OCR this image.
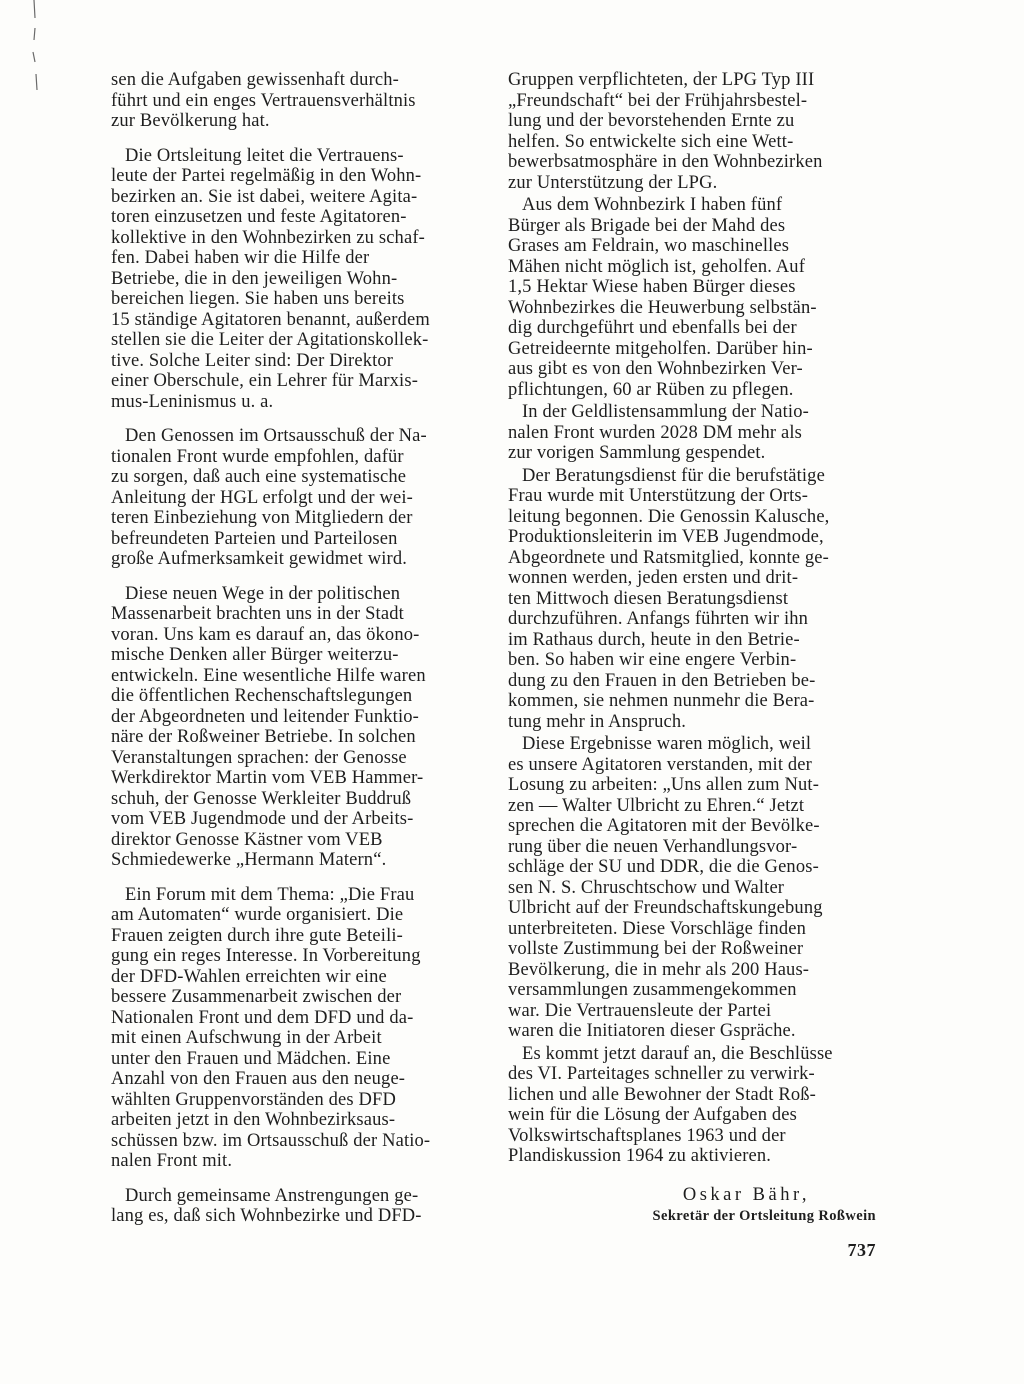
sen die Aufgaben gewissenhaft durch-
führt und ein enges Vertrauensverhältnis
zur Bevölkerung hat.

Die Ortsleitung leitet die Vertrauens-
leute der Partei regelmäßig in den Wohn-
bezirken an. Sie ist dabei, weitere Agita-
toren einzusetzen und feste Agitatoren-
kollektive in den Wohnbezirken zu schaf-
fen. Dabei haben wir die Hilfe der
Betriebe, die in den jeweiligen Wohn-
bereichen liegen. Sie haben uns bereits
15 ständige Agitatoren benannt, außerdem
stellen sie die Leiter der Agitationskollek-
tive. Solche Leiter sind: Der Direktor
einer Oberschule, ein Lehrer für Marxis-
mus-Leninismus u. a.

Den Genossen im Ortsausschuß der Na-
tionalen Front wurde empfohlen, dafür
zu sorgen, daß auch eine systematische
Anleitung der HGL erfolgt und der wei-
teren Einbeziehung von Mitgliedern der
befreundeten Parteien und Parteilosen
große Aufmerksamkeit gewidmet wird.

Diese neuen Wege in der politischen
Massenarbeit brachten uns in der Stadt
voran. Uns kam es darauf an, das ökono-
mische Denken aller Bürger weiterzu-
entwickeln. Eine wesentliche Hilfe waren
die öffentlichen Rechenschaftslegungen
der Abgeordneten und leitender Funktio-
näre der Roßweiner Betriebe. In solchen
Veranstaltungen sprachen: der Genosse
Werkdirektor Martin vom VEB Hammer-
schuh, der Genosse Werkleiter Buddruß
vom VEB Jugendmode und der Arbeits-
direktor Genosse Kästner vom VEB
Schmiedewerke „Hermann Matern“.

Ein Forum mit dem Thema: „Die Frau
am Automaten“ wurde organisiert. Die
Frauen zeigten durch ihre gute Beteili-
gung ein reges Interesse. In Vorbereitung
der DFD-Wahlen erreichten wir eine
bessere Zusammenarbeit zwischen der
Nationalen Front und dem DFD und da-
mit einen Aufschwung in der Arbeit
unter den Frauen und Mädchen. Eine
Anzahl von den Frauen aus den neuge-
wählten Gruppenvorständen des DFD
arbeiten jetzt in den Wohnbezirksaus-
schüssen bzw. im Ortsausschuß der Natio-
nalen Front mit.

Durch gemeinsame Anstrengungen ge-
lang es, daß sich Wohnbezirke und DFD-

Gruppen verpflichteten, der LPG Typ III
„Freundschaft“ bei der Frühjahrsbestel-
lung und der bevorstehenden Ernte zu
helfen. So entwickelte sich eine Wett-
bewerbsatmosphäre in den Wohnbezirken
zur Unterstützung der LPG.

Aus dem Wohnbezirk I haben fünf
Bürger als Brigade bei der Mahd des
Grases am Feldrain, wo maschinelles
Mähen nicht möglich ist, geholfen. Auf
1,5 Hektar Wiese haben Bürger dieses
Wohnbezirkes die Heuwerbung selbstän-
dig durchgeführt und ebenfalls bei der
Getreideernte mitgeholfen. Darüber hin-
aus gibt es von den Wohnbezirken Ver-
pflichtungen, 60 ar Rüben zu pflegen.

In der Geldlistensammlung der Natio-
nalen Front wurden 2028 DM mehr als
zur vorigen Sammlung gespendet.

Der Beratungsdienst für die berufstätige
Frau wurde mit Unterstützung der Orts-
leitung begonnen. Die Genossin Kalusche,
Produktionsleiterin im VEB Jugendmode,
Abgeordnete und Ratsmitglied, konnte ge-
wonnen werden, jeden ersten und drit-
ten Mittwoch diesen Beratungsdienst
durchzuführen. Anfangs führten wir ihn
im Rathaus durch, heute in den Betrie-
ben. So haben wir eine engere Verbin-
dung zu den Frauen in den Betrieben be-
kommen, sie nehmen nunmehr die Bera-
tung mehr in Anspruch.

Diese Ergebnisse waren möglich, weil
es unsere Agitatoren verstanden, mit der
Losung zu arbeiten: „Uns allen zum Nut-
zen — Walter Ulbricht zu Ehren.“ Jetzt
sprechen die Agitatoren mit der Bevölke-
rung über die neuen Verhandlungsvor-
schläge der SU und DDR, die die Genos-
sen N. S. Chruschtschow und Walter
Ulbricht auf der Freundschaftskungebung
unterbreiteten. Diese Vorschläge finden
vollste Zustimmung bei der Roßweiner
Bevölkerung, die in mehr als 200 Haus-
versammlungen zusammengekommen
war. Die Vertrauensleute der Partei
waren die Initiatoren dieser Gspräche.

Es kommt jetzt darauf an, die Beschlüsse
des VI. Parteitages schneller zu verwirk-
lichen und alle Bewohner der Stadt Roß-
wein für die Lösung der Aufgaben des
Volkswirtschaftsplanes 1963 und der
Plandiskussion 1964 zu aktivieren.

Oskar Bähr,
Sekretär der Ortsleitung Roßwein
737
